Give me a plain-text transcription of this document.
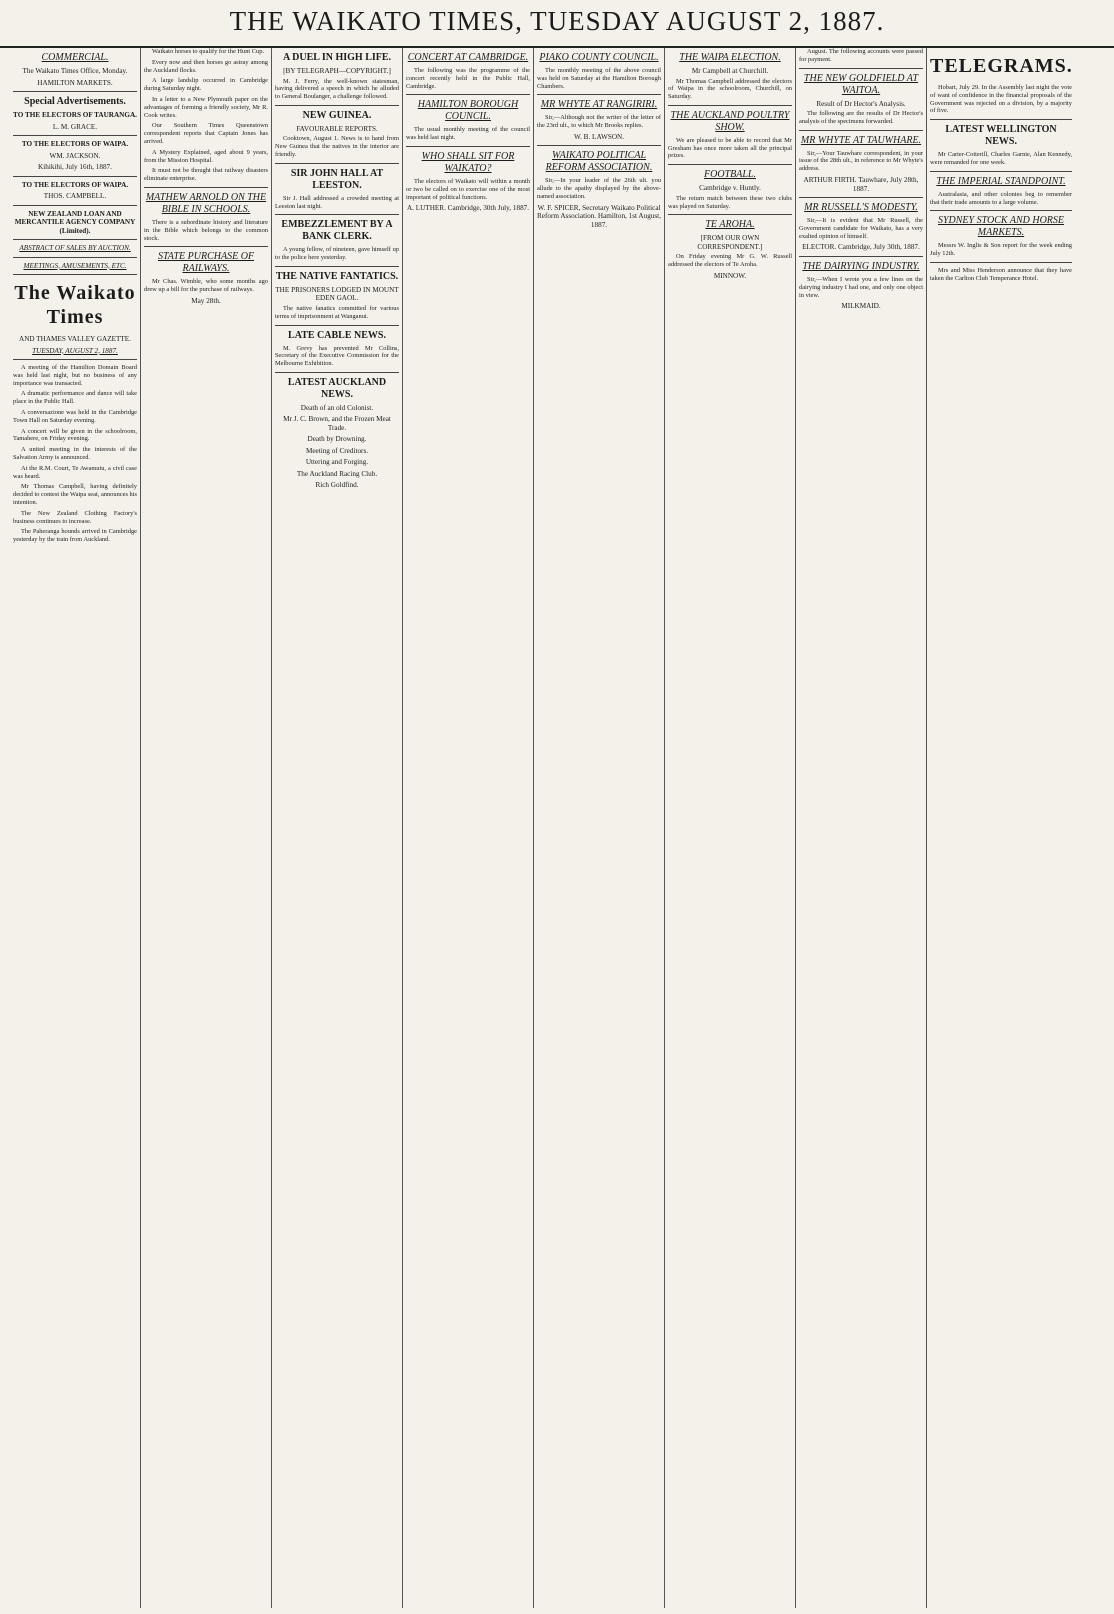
THE WAIKATO TIMES, TUESDAY AUGUST 2, 1887.
COMMERCIAL.
The Waikato Times Office, Monday.
HAMILTON MARKETS.
Special Advertisements.
TO THE ELECTORS OF TAURANGA.
L. M. GRACE.
TO THE ELECTORS OF WAIPA.
WM. JACKSON.
Kihikihi, July 16th, 1887.
TO THE ELECTORS OF WAIPA.
THOS. CAMPBELL.
NEW ZEALAND LOAN AND MERCANTILE AGENCY COMPANY (Limited).
ABSTRACT OF SALES BY AUCTION.
MEETINGS, AMUSEMENTS, ETC.
The Waikato Times
AND THAMES VALLEY GAZETTE.
TUESDAY, AUGUST 2, 1887.

A meeting of the Hamilton Domain Board was held last night, but no business of any importance was transacted.

A dramatic performance and dance will take place in the Public Hall.

A conversazione was held in the Cambridge Town Hall on Saturday evening.

A concert will be given in the schoolroom, Tamahere, on Friday evening.

A united meeting in the interests of the Salvation Army is announced.

At the R.M. Court, Te Awamutu, a civil case was heard.

Mr Thomas Campbell, having definitely decided to contest the Waipa seat, announces his intention.

The New Zealand Clothing Factory's business continues to increase.

The Paheranga hounds arrived in Cambridge yesterday by the train from Auckland.

Waikato horses to qualify for the Hunt Cup.

Every now and then horses go astray among the Auckland flocks.

A large landslip occurred in Cambridge during Saturday night.

In a letter to a New Plymouth paper on the advantages of forming a friendly society, Mr R. Cook writes.

Our Southern Times Queenstown correspondent reports that Captain Jones has arrived.

A Mystery Explained, aged about 9 years, from the Mission Hospital.

It must not be thought that railway disasters eliminate enterprise.

MATHEW ARNOLD ON THE BIBLE IN SCHOOLS.

There is a subordinate history and literature in the Bible which belongs to the common stock.

STATE PURCHASE OF RAILWAYS.

Mr Chas. Wimble, who some months ago drew up a bill for the purchase of railways.

May 28th.
A DUEL IN HIGH LIFE.
[BY TELEGRAPH—COPYRIGHT.]

M. J. Ferry, the well-known statesman, having delivered a speech in which he alluded to General Boulanger, a challenge followed.

NEW GUINEA.
FAVOURABLE REPORTS.

Cooktown, August 1. News is to hand from New Guinea that the natives in the interior are friendly.

SIR JOHN HALL AT LEESTON.

Sir J. Hall addressed a crowded meeting at Leeston last night.

EMBEZZLEMENT BY A BANK CLERK.

A young fellow, of nineteen, gave himself up to the police here yesterday.

THE NATIVE FANTATICS.
THE PRISONERS LODGED IN MOUNT EDEN GAOL.

The native fanatics committed for various terms of imprisonment at Wanganui.

LATE CABLE NEWS.

M. Grevy has prevented Mr Collins, Secretary of the Executive Commission for the Melbourne Exhibition.

LATEST AUCKLAND NEWS.
Death of an old Colonist.
Mr J. C. Brown, and the Frozen Meat Trade.
Death by Drowning.
Meeting of Creditors.
Uttering and Forging.
The Auckland Racing Club.
Rich Goldfind.
CONCERT AT CAMBRIDGE.

The following was the programme of the concert recently held in the Public Hall, Cambridge.

HAMILTON BOROUGH COUNCIL.

The usual monthly meeting of the council was held last night.

WHO SHALL SIT FOR WAIKATO?

The electors of Waikato will within a month or two be called on to exercise one of the most important of political functions.

A. LUTHER. Cambridge, 30th July, 1887.
PIAKO COUNTY COUNCIL.

The monthly meeting of the above council was held on Saturday at the Hamilton Borough Chambers.

MR WHYTE AT RANGIRIRI.

Sir,—Although not the writer of the letter of the 23rd ult., to which Mr Brooks replies.

W. B. LAWSON.
WAIKATO POLITICAL REFORM ASSOCIATION.

Sir,—In your leader of the 26th ult. you allude to the apathy displayed by the above-named association.

W. F. SPICER, Secretary Waikato Political Reform Association. Hamilton, 1st August, 1887.
THE WAIPA ELECTION.
Mr Campbell at Churchill.

Mr Thomas Campbell addressed the electors of Waipa in the schoolroom, Churchill, on Saturday.

THE AUCKLAND POULTRY SHOW.

We are pleased to be able to record that Mr Gresham has once more taken all the principal prizes.

FOOTBALL.
Cambridge v. Huntly.

The return match between these two clubs was played on Saturday.

TE AROHA.
[FROM OUR OWN CORRESPONDENT.]

On Friday evening Mr G. W. Russell addressed the electors of Te Aroha.

MINNOW.

August. The following accounts were passed for payment.

THE NEW GOLDFIELD AT WAITOA.
Result of Dr Hector's Analysis.

The following are the results of Dr Hector's analysis of the specimens forwarded.

MR WHYTE AT TAUWHARE.

Sir,—Your Tauwhare correspondent, in your issue of the 28th ult., in reference to Mr Whyte's address.

ARTHUR FIRTH. Tauwhare, July 28th, 1887.
MR RUSSELL'S MODESTY.

Sir,—It is evident that Mr Russell, the Government candidate for Waikato, has a very exalted opinion of himself.

ELECTOR. Cambridge, July 30th, 1887.
THE DAIRYING INDUSTRY.

Sir,—When I wrote you a few lines on the dairying industry I had one, and only one object in view.

MILKMAID.
TELEGRAMS.

Hobart, July 29. In the Assembly last night the vote of want of confidence in the financial proposals of the Government was rejected on a division, by a majority of five.

LATEST WELLINGTON NEWS.

Mr Carter-Cotterill, Charles Garnie, Alan Kennedy, were remanded for one week.

THE IMPERIAL STANDPOINT.

Australasia, and other colonies beg to remember that their trade amounts to a large volume.

SYDNEY STOCK AND HORSE MARKETS.

Messrs W. Inglis & Son report for the week ending July 12th.

Mrs and Miss Henderson announce that they have taken the Carlton Club Temperance Hotel.
